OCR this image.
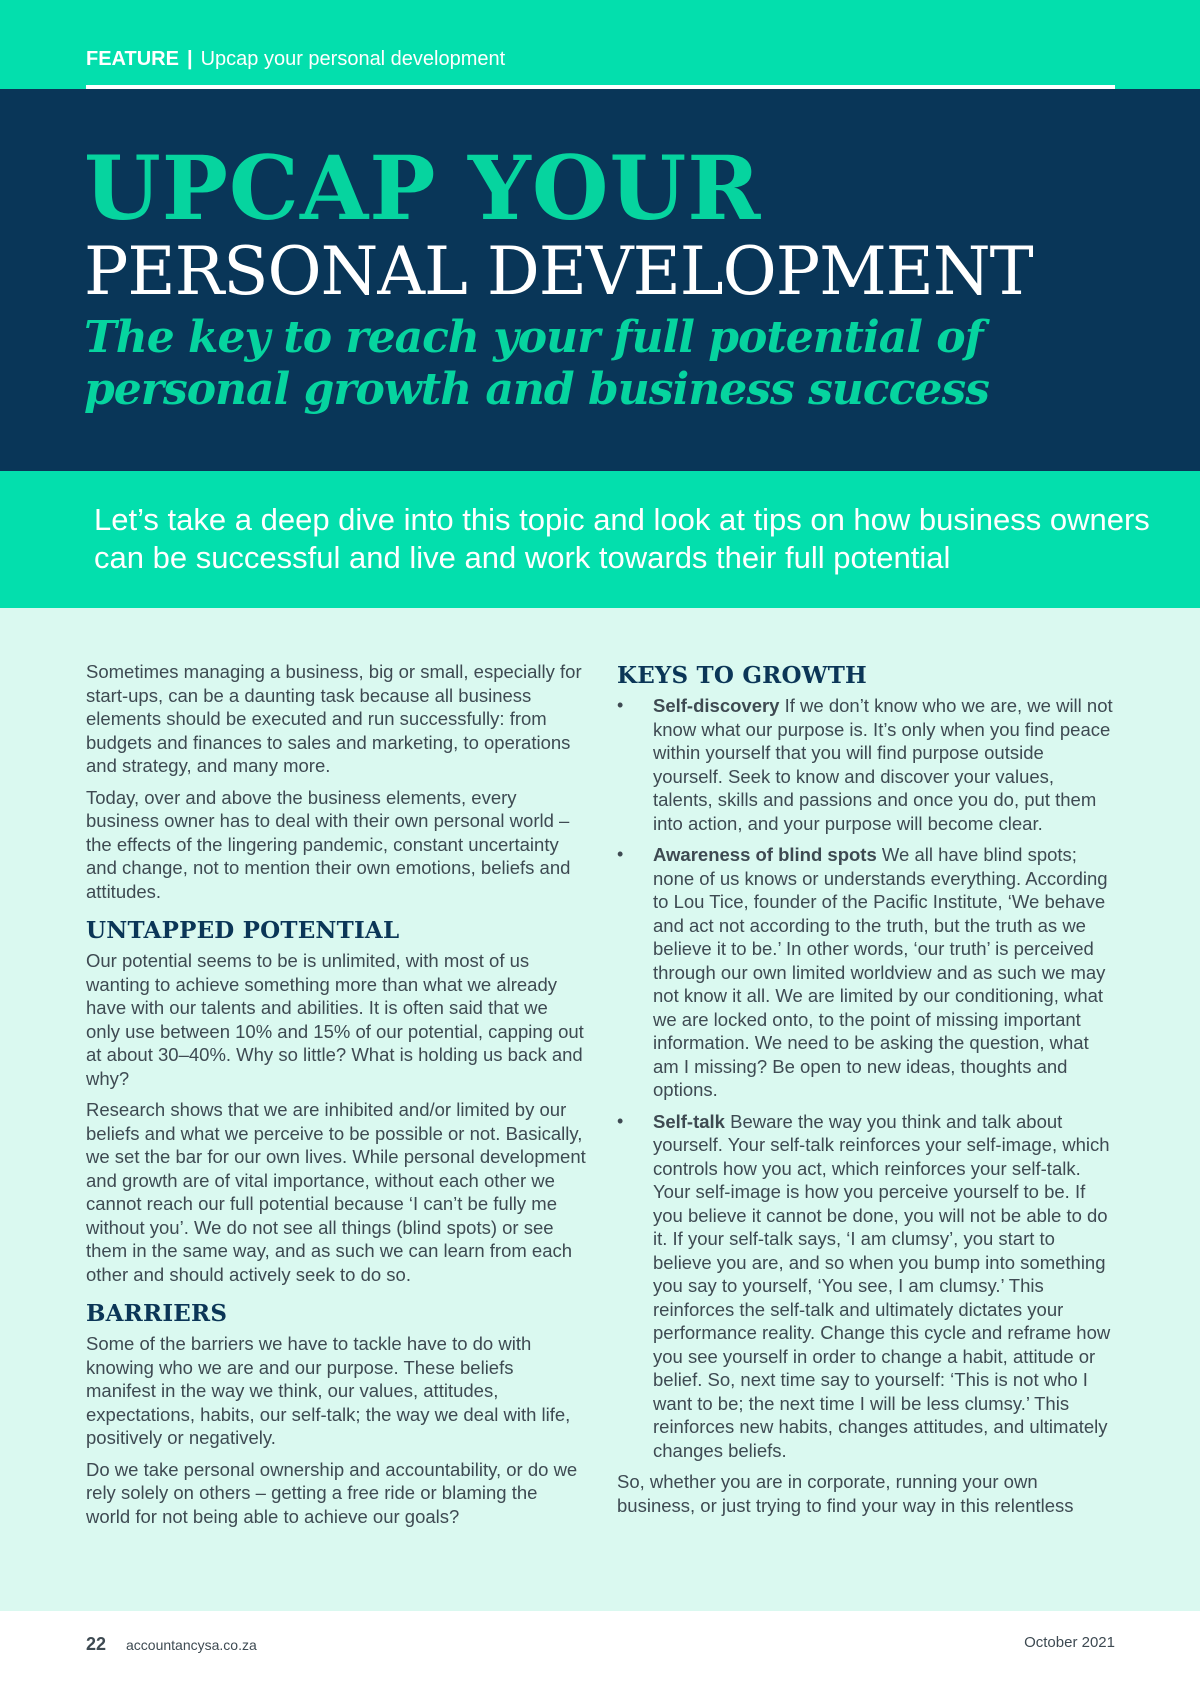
FEATURE | Upcap your personal development
UPCAP YOUR
PERSONAL DEVELOPMENT
The key to reach your full potential of personal growth and business success

Let’s take a deep dive into this topic and look at tips on how business owners can be successful and live and work towards their full potential

Sometimes managing a business, big or small, especially for start-ups, can be a daunting task because all business elements should be executed and run successfully: from budgets and finances to sales and marketing, to operations and strategy, and many more.

Today, over and above the business elements, every business owner has to deal with their own personal world – the effects of the lingering pandemic, constant uncertainty and change, not to mention their own emotions, beliefs and attitudes.

UNTAPPED POTENTIAL

Our potential seems to be is unlimited, with most of us wanting to achieve something more than what we already have with our talents and abilities. It is often said that we only use between 10% and 15% of our potential, capping out at about 30–40%. Why so little? What is holding us back and why?

Research shows that we are inhibited and/or limited by our beliefs and what we perceive to be possible or not. Basically, we set the bar for our own lives. While personal development and growth are of vital importance, without each other we cannot reach our full potential because ‘I can’t be fully me without you’. We do not see all things (blind spots) or see them in the same way, and as such we can learn from each other and should actively seek to do so.

BARRIERS

Some of the barriers we have to tackle have to do with knowing who we are and our purpose. These beliefs manifest in the way we think, our values, attitudes, expectations, habits, our self-talk; the way we deal with life, positively or negatively.

Do we take personal ownership and accountability, or do we rely solely on others – getting a free ride or blaming the world for not being able to achieve our goals?

KEYS TO GROWTH
• Self-discovery If we don’t know who we are, we will not know what our purpose is. It’s only when you find peace within yourself that you will find purpose outside yourself. Seek to know and discover your values, talents, skills and passions and once you do, put them into action, and your purpose will become clear.
• Awareness of blind spots We all have blind spots; none of us knows or understands everything. According to Lou Tice, founder of the Pacific Institute, ‘We behave and act not according to the truth, but the truth as we believe it to be.’ In other words, ‘our truth’ is perceived through our own limited worldview and as such we may not know it all. We are limited by our conditioning, what we are locked onto, to the point of missing important information. We need to be asking the question, what am I missing? Be open to new ideas, thoughts and options.
• Self-talk Beware the way you think and talk about yourself. Your self-talk reinforces your self-image, which controls how you act, which reinforces your self-talk. Your self-image is how you perceive yourself to be. If you believe it cannot be done, you will not be able to do it. If your self-talk says, ‘I am clumsy’, you start to believe you are, and so when you bump into something you say to yourself, ‘You see, I am clumsy.’ This reinforces the self-talk and ultimately dictates your performance reality. Change this cycle and reframe how you see yourself in order to change a habit, attitude or belief. So, next time say to yourself: ‘This is not who I want to be; the next time I will be less clumsy.’ This reinforces new habits, changes attitudes, and ultimately changes beliefs.

So, whether you are in corporate, running your own business, or just trying to find your way in this relentless

22 accountancysa.co.za	October 2021
